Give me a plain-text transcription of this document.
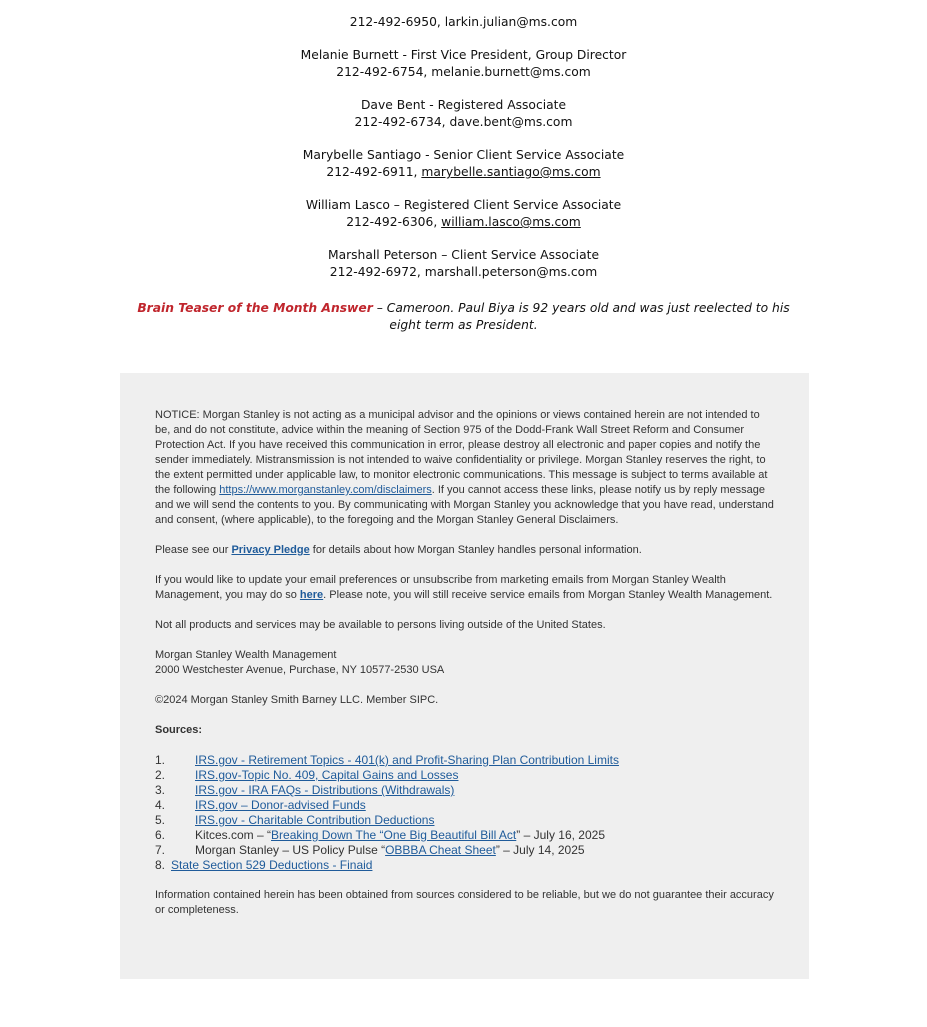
212-492-6950, larkin.julian@ms.com
Melanie Burnett - First Vice President, Group Director
212-492-6754, melanie.burnett@ms.com
Dave Bent - Registered Associate
212-492-6734, dave.bent@ms.com
Marybelle Santiago - Senior Client Service Associate
212-492-6911, marybelle.santiago@ms.com
William Lasco – Registered Client Service Associate
212-492-6306, william.lasco@ms.com
Marshall Peterson – Client Service Associate
212-492-6972, marshall.peterson@ms.com
Brain Teaser of the Month Answer – Cameroon. Paul Biya is 92 years old and was just reelected to his eight term as President.

NOTICE: Morgan Stanley is not acting as a municipal advisor and the opinions or views contained herein are not intended to be, and do not constitute, advice within the meaning of Section 975 of the Dodd-Frank Wall Street Reform and Consumer Protection Act. If you have received this communication in error, please destroy all electronic and paper copies and notify the sender immediately. Mistransmission is not intended to waive confidentiality or privilege. Morgan Stanley reserves the right, to the extent permitted under applicable law, to monitor electronic communications. This message is subject to terms available at the following https://www.morganstanley.com/disclaimers. If you cannot access these links, please notify us by reply message and we will send the contents to you. By communicating with Morgan Stanley you acknowledge that you have read, understand and consent, (where applicable), to the foregoing and the Morgan Stanley General Disclaimers.

Please see our Privacy Pledge for details about how Morgan Stanley handles personal information.

If you would like to update your email preferences or unsubscribe from marketing emails from Morgan Stanley Wealth Management, you may do so here. Please note, you will still receive service emails from Morgan Stanley Wealth Management.

Not all products and services may be available to persons living outside of the United States.

Morgan Stanley Wealth Management
2000 Westchester Avenue, Purchase, NY 10577-2530 USA

©2024 Morgan Stanley Smith Barney LLC. Member SIPC.

Sources:

1.	IRS.gov - Retirement Topics - 401(k) and Profit-Sharing Plan Contribution Limits
2.	IRS.gov-Topic No. 409, Capital Gains and Losses
3.	IRS.gov - IRA FAQs - Distributions (Withdrawals)
4.	IRS.gov – Donor-advised Funds
5.	IRS.gov - Charitable Contribution Deductions
6.	Kitces.com – “Breaking Down The “One Big Beautiful Bill Act” – July 16, 2025
7.	Morgan Stanley – US Policy Pulse “OBBBA Cheat Sheet” – July 14, 2025
8. State Section 529 Deductions - Finaid

Information contained herein has been obtained from sources considered to be reliable, but we do not guarantee their accuracy or completeness.
